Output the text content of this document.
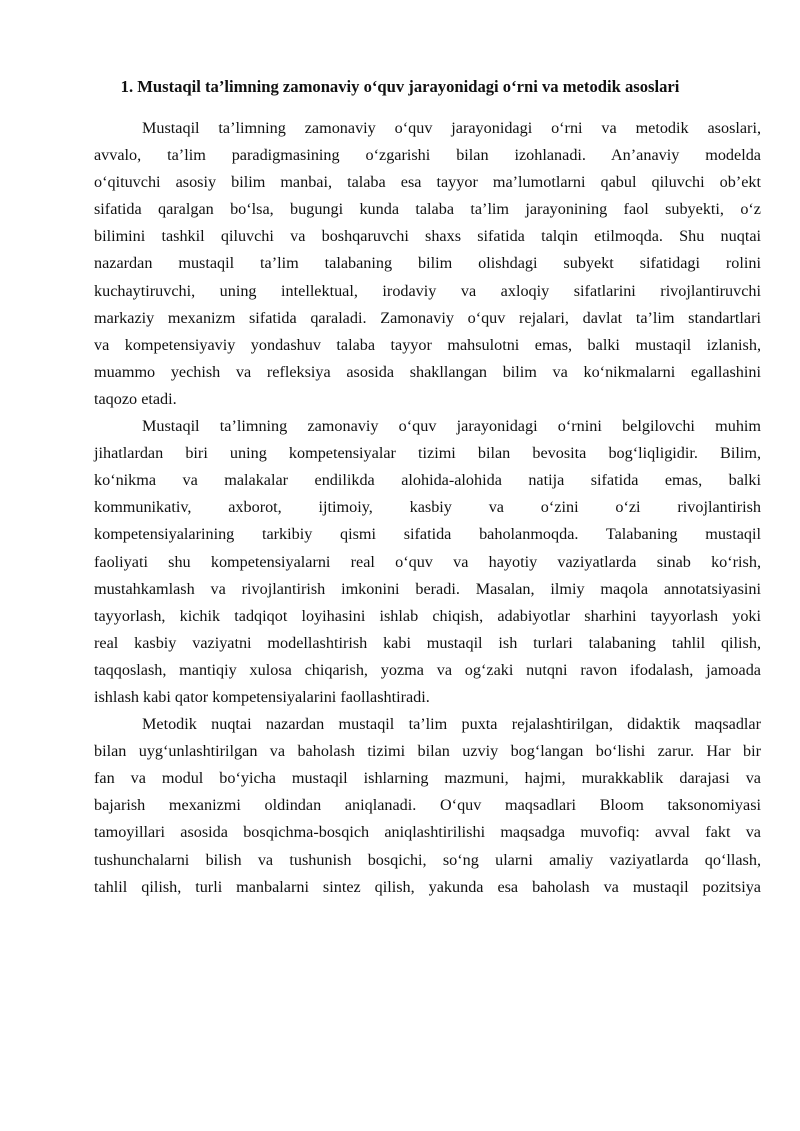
1. Mustaqil ta’limning zamonaviy o‘quv jarayonidagi o‘rni va metodik asoslari
Mustaqil ta’limning zamonaviy o‘quv jarayonidagi o‘rni va metodik asoslari,
avvalo, ta’lim paradigmasining o‘zgarishi bilan izohlanadi. An’anaviy modelda
o‘qituvchi asosiy bilim manbai, talaba esa tayyor ma’lumotlarni qabul qiluvchi ob’ekt
sifatida qaralgan bo‘lsa, bugungi kunda talaba ta’lim jarayonining faol subyekti, o‘z
bilimini tashkil qiluvchi va boshqaruvchi shaxs sifatida talqin etilmoqda. Shu nuqtai
nazardan mustaqil ta’lim talabaning bilim olishdagi subyekt sifatidagi rolini
kuchaytiruvchi, uning intellektual, irodaviy va axloqiy sifatlarini rivojlantiruvchi
markaziy mexanizm sifatida qaraladi. Zamonaviy o‘quv rejalari, davlat ta’lim standartlari
va kompetensiyaviy yondashuv talaba tayyor mahsulotni emas, balki mustaqil izlanish,
muammo yechish va refleksiya asosida shakllangan bilim va ko‘nikmalarni egallashini
taqozo etadi.
Mustaqil ta’limning zamonaviy o‘quv jarayonidagi o‘rnini belgilovchi muhim
jihatlardan biri uning kompetensiyalar tizimi bilan bevosita bog‘liqligidir. Bilim,
ko‘nikma va malakalar endilikda alohida-alohida natija sifatida emas, balki
kommunikativ, axborot, ijtimoiy, kasbiy va o‘zini o‘zi rivojlantirish
kompetensiyalarining tarkibiy qismi sifatida baholanmoqda. Talabaning mustaqil
faoliyati shu kompetensiyalarni real o‘quv va hayotiy vaziyatlarda sinab ko‘rish,
mustahkamlash va rivojlantirish imkonini beradi. Masalan, ilmiy maqola annotatsiyasini
tayyorlash, kichik tadqiqot loyihasini ishlab chiqish, adabiyotlar sharhini tayyorlash yoki
real kasbiy vaziyatni modellashtirish kabi mustaqil ish turlari talabaning tahlil qilish,
taqqoslash, mantiqiy xulosa chiqarish, yozma va og‘zaki nutqni ravon ifodalash, jamoada
ishlash kabi qator kompetensiyalarini faollashtiradi.
Metodik nuqtai nazardan mustaqil ta’lim puxta rejalashtirilgan, didaktik maqsadlar
bilan uyg‘unlashtirilgan va baholash tizimi bilan uzviy bog‘langan bo‘lishi zarur. Har bir
fan va modul bo‘yicha mustaqil ishlarning mazmuni, hajmi, murakkablik darajasi va
bajarish mexanizmi oldindan aniqlanadi. O‘quv maqsadlari Bloom taksonomiyasi
tamoyillari asosida bosqichma-bosqich aniqlashtirilishi maqsadga muvofiq: avval fakt va
tushunchalarni bilish va tushunish bosqichi, so‘ng ularni amaliy vaziyatlarda qo‘llash,
tahlil qilish, turli manbalarni sintez qilish, yakunda esa baholash va mustaqil pozitsiya
